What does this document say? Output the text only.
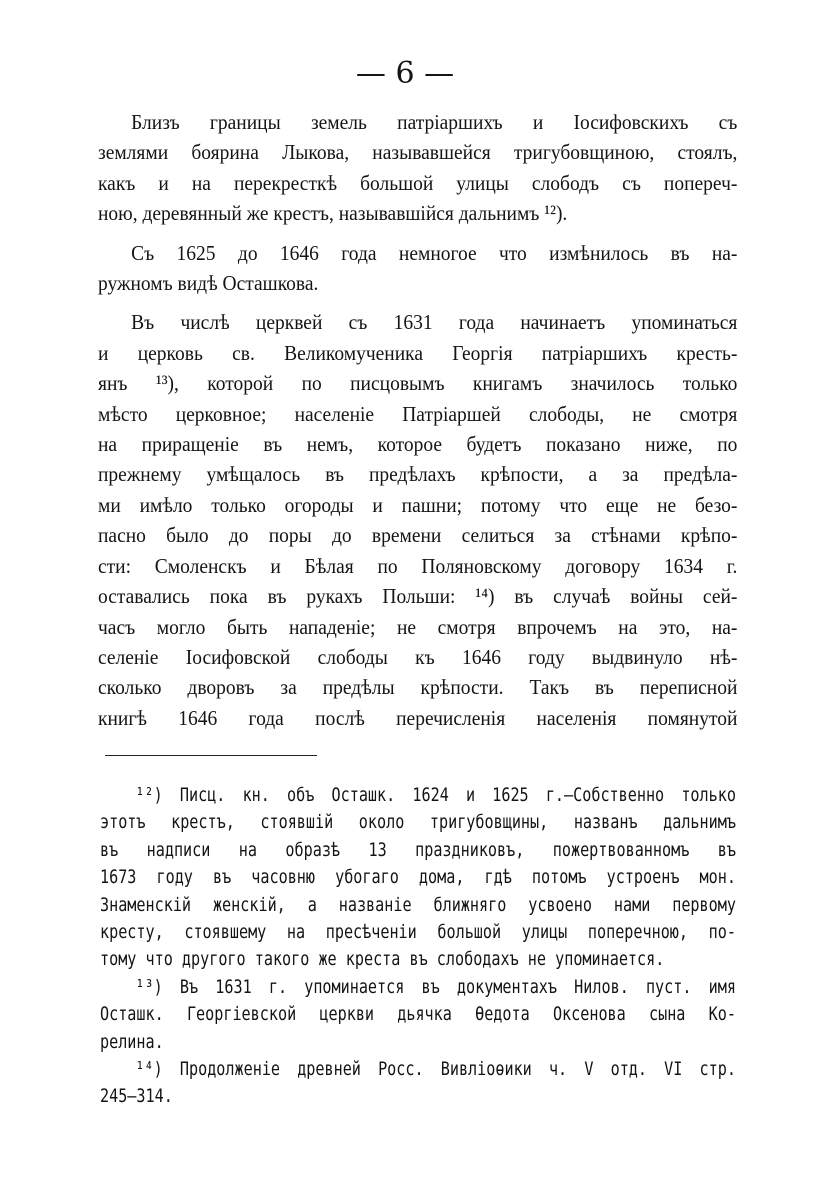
— 6 —
Близъ границы земель патріаршихъ и Іосифовскихъ съ
землями боярина Лыкова, называвшейся тригубовщиною, стоялъ,
какъ и на перекресткѣ большой улицы слободъ съ попереч-
ною, деревянный же крестъ, называвшійся дальнимъ ¹²).
Съ 1625 до 1646 года немногое что измѣнилось въ на-
ружномъ видѣ Осташкова.
Въ числѣ церквей съ 1631 года начинаетъ упоминаться
и церковь св. Великомученика Георгія патріаршихъ кресть-
янъ ¹³), которой по писцовымъ книгамъ значилось только
мѣсто церковное; населеніе Патріаршей слободы, не смотря
на приращеніе въ немъ, которое будетъ показано ниже, по
прежнему умѣщалось въ предѣлахъ крѣпости, а за предѣла-
ми имѣло только огороды и пашни; потому что еще не безо-
пасно было до поры до времени селиться за стѣнами крѣпо-
сти: Смоленскъ и Бѣлая по Поляновскому договору 1634 г.
оставались пока въ рукахъ Польши: ¹⁴) въ случаѣ войны сей-
часъ могло быть нападеніе; не смотря впрочемъ на это, на-
селеніе Іосифовской слободы къ 1646 году выдвинуло нѣ-
сколько дворовъ за предѣлы крѣпости. Такъ въ переписной
книгѣ 1646 года послѣ перечисленія населенія помянутой
¹²) Писц. кн. объ Осташк. 1624 и 1625 г.—Собственно только
этотъ крестъ, стоявшій около тригубовщины, названъ дальнимъ
въ надписи на образѣ 13 праздниковъ, пожертвованномъ въ
1673 году въ часовню убогаго дома, гдѣ потомъ устроенъ мон.
Знаменскій женскій, а названіе ближняго усвоено нами первому
кресту, стоявшему на пресѣченіи большой улицы поперечною, по-
тому что другого такого же креста въ слободахъ не упоминается.
¹³) Въ 1631 г. упоминается въ документахъ Нилов. пуст. имя
Осташк. Георгіевской церкви дьячка Ѳедота Оксенова сына Ко-
релина.
¹⁴) Продолженіе древней Росс. Вивліоѳики ч. V отд. VI стр.
245—314.
